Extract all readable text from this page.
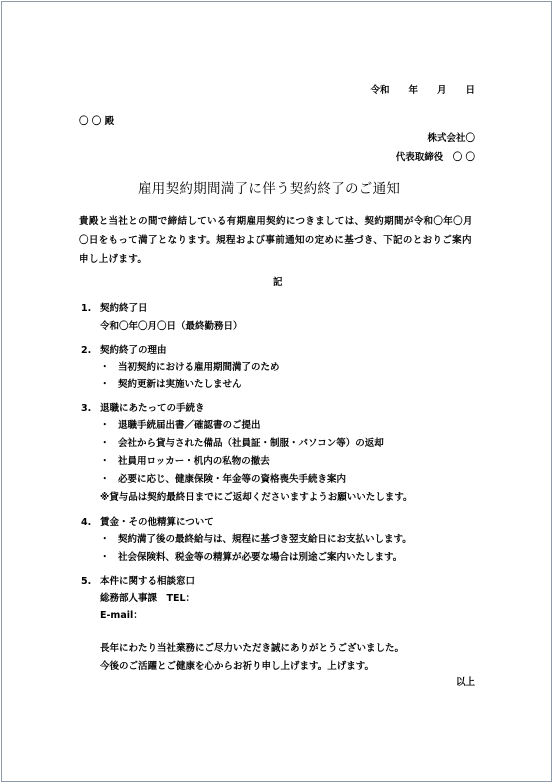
令和　　年　　月　　日
〇 〇 殿
株式会社〇
代表取締役　〇 〇
雇用契約期間満了に伴う契約終了のご通知
貴殿と当社との間で締結している有期雇用契約につきましては、契約期間が令和〇年〇月〇日をもって満了となります。規程および事前通知の定めに基づき、下記のとおりご案内申し上げます。
記
1. 契約終了日
令和〇年〇月〇日（最終勤務日）
2. 契約終了の理由
・ 当初契約における雇用期間満了のため
・ 契約更新は実施いたしません
3. 退職にあたっての手続き
・ 退職手続届出書／確認書のご提出
・ 会社から貸与された備品（社員証・制服・パソコン等）の返却
・ 社員用ロッカー・机内の私物の撤去
・ 必要に応じ、健康保険・年金等の資格喪失手続き案内
※貸与品は契約最終日までにご返却くださいますようお願いいたします。
4. 賃金・その他精算について
・ 契約満了後の最終給与は、規程に基づき翌支給日にお支払いします。
・ 社会保険料、税金等の精算が必要な場合は別途ご案内いたします。
5. 本件に関する相談窓口
総務部人事課　TEL：
E-mail：
長年にわたり当社業務にご尽力いただき誠にありがとうございました。
今後のご活躍とご健康を心からお祈り申し上げます。上げます。
以上
